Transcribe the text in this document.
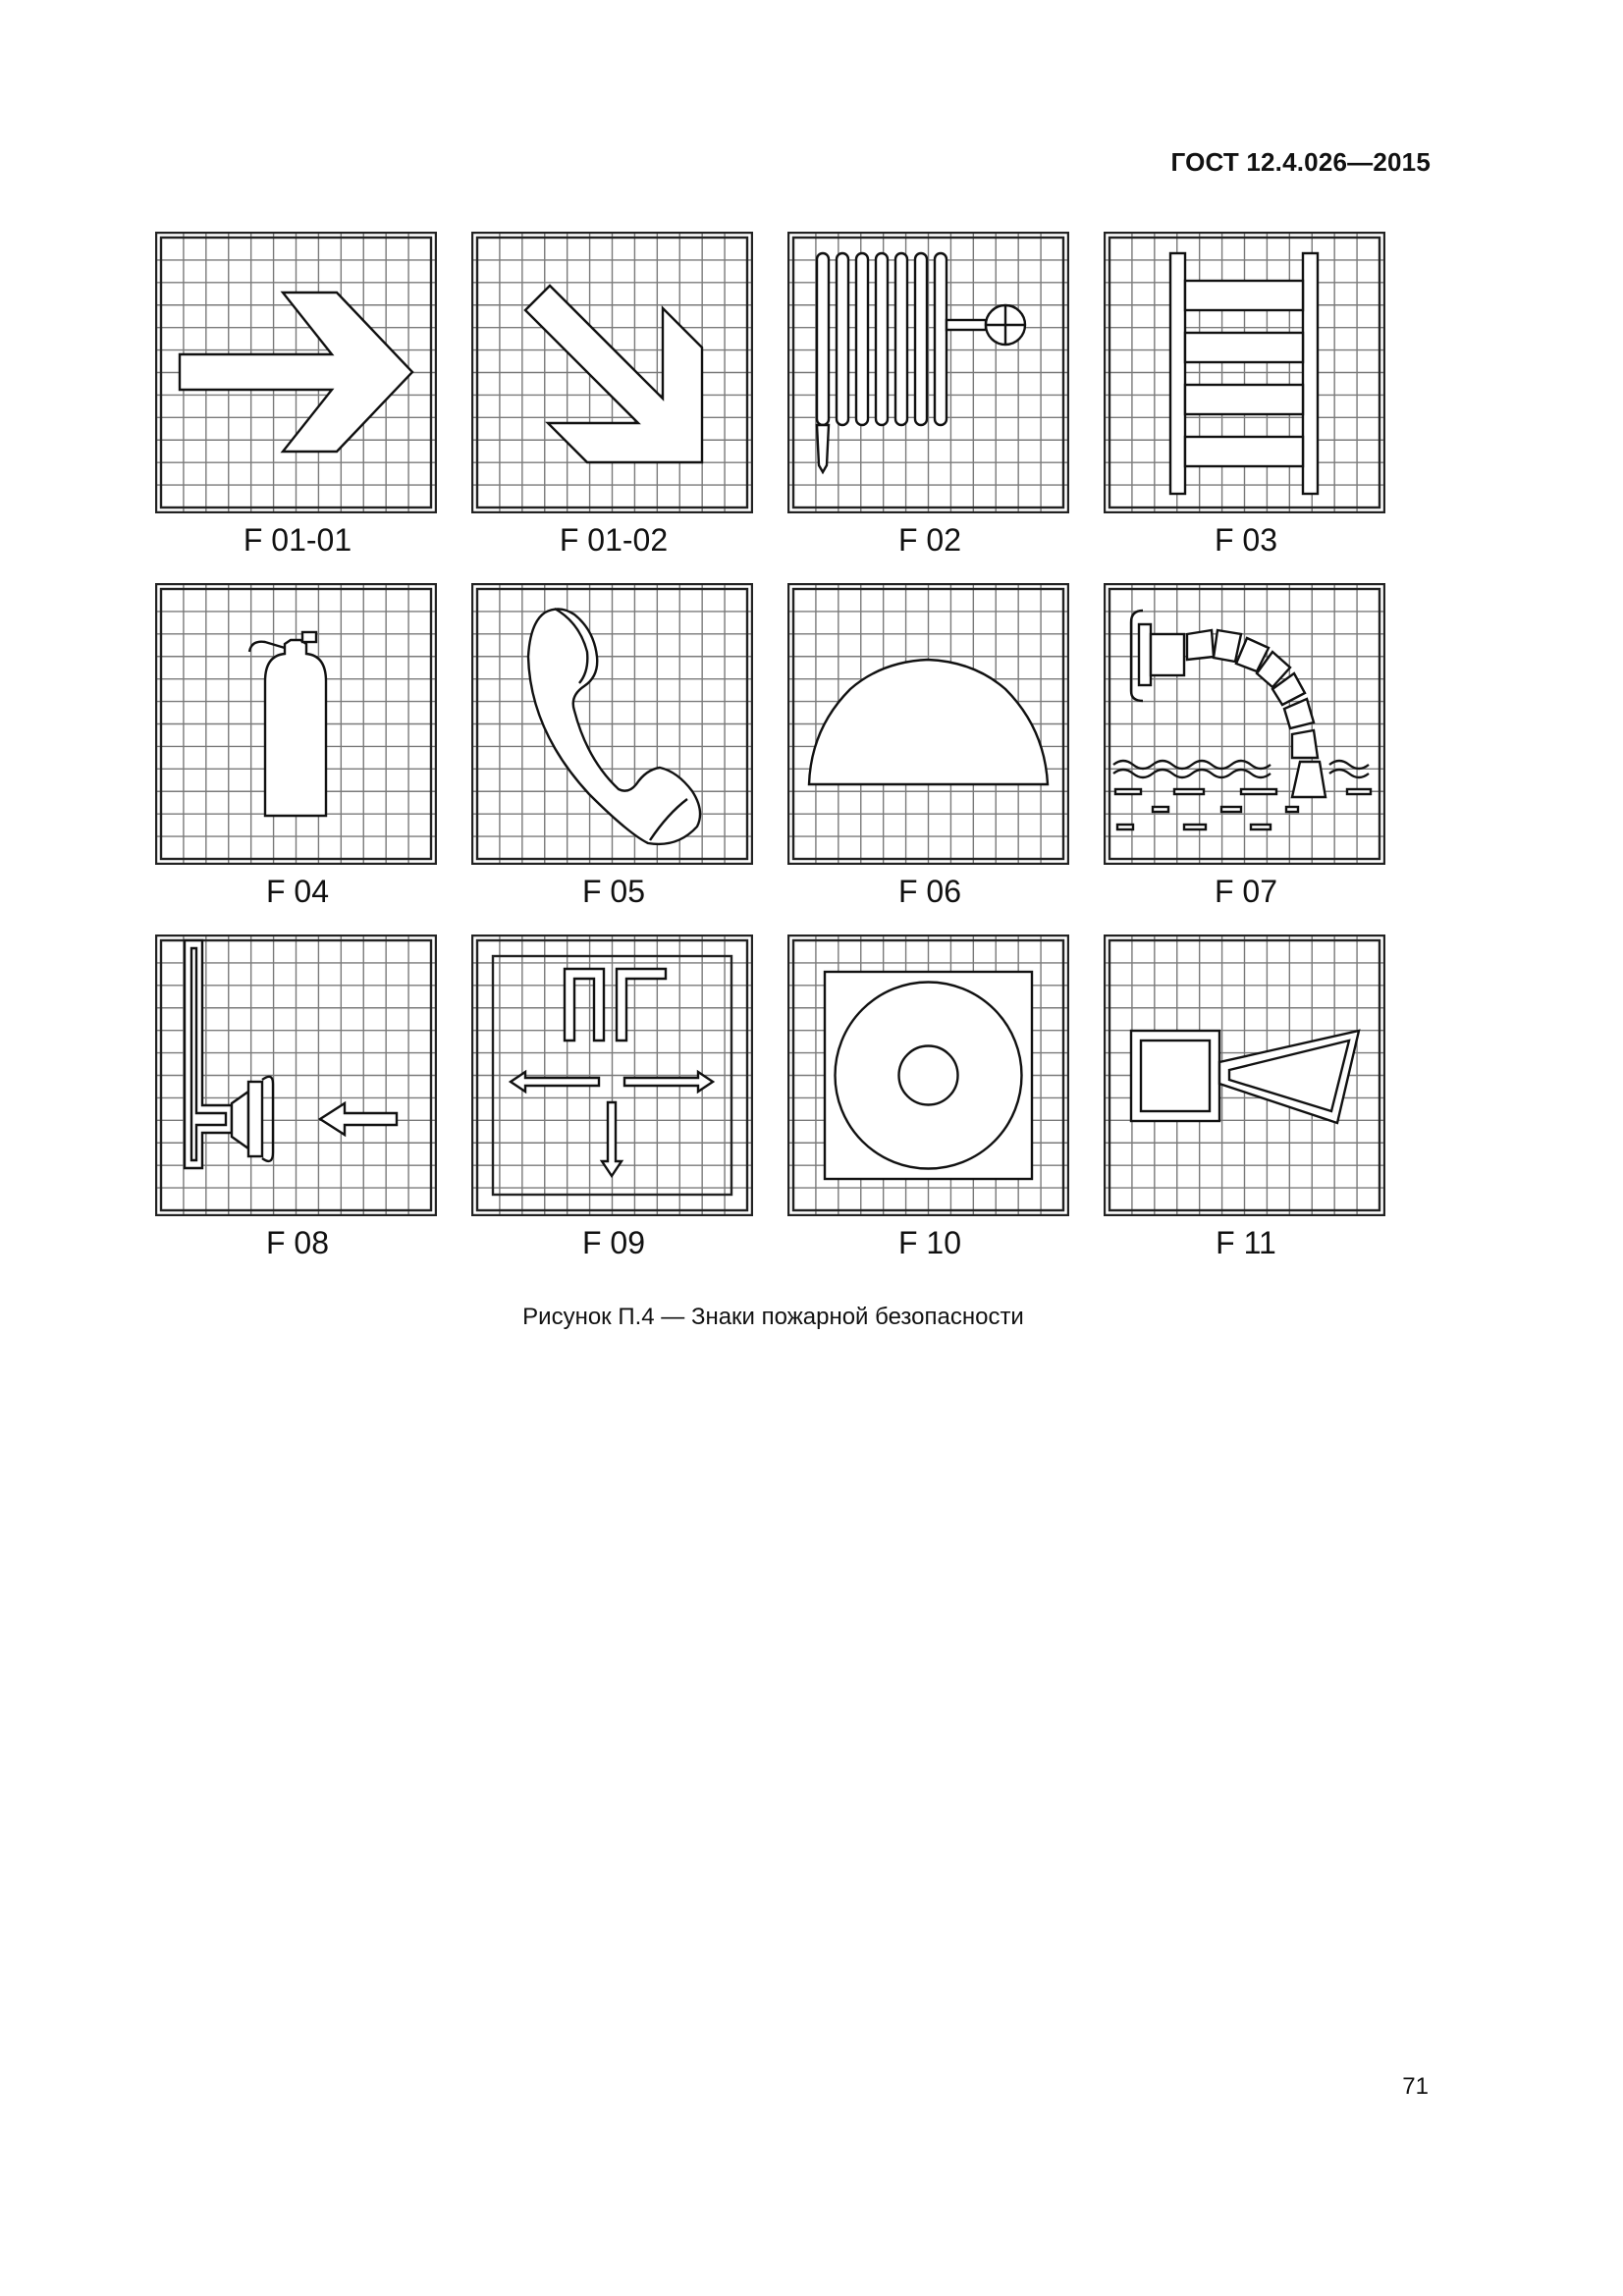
ГОСТ 12.4.026—2015
F 01-01	F 01-02	F 02	F 03
F 04	F 05	F 06	F 07
F 08	F 09	F 10	F 11
Рисунок П.4 — Знаки пожарной безопасности
71
